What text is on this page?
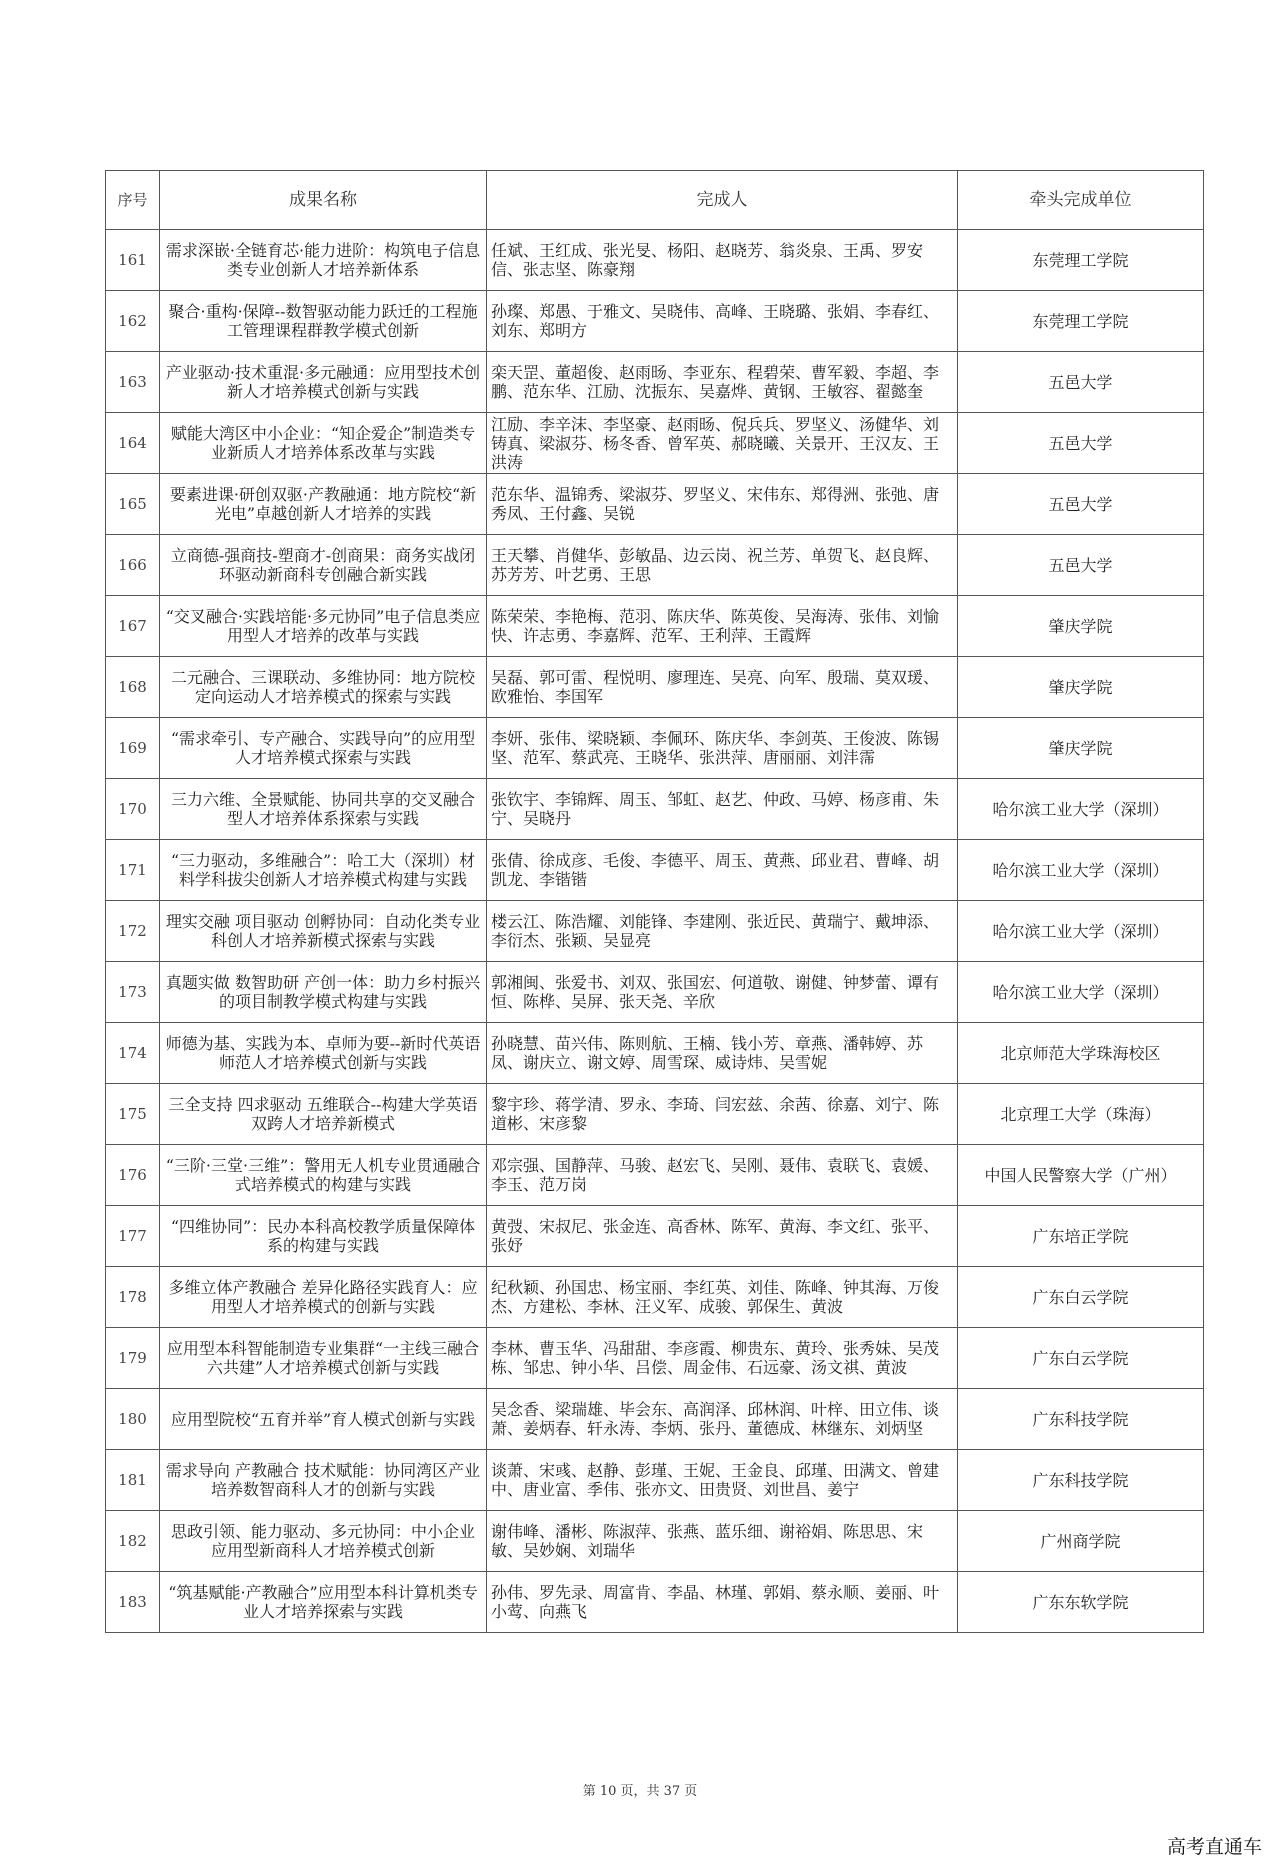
序号	成果名称	完成人	牵头完成单位
161	需求深嵌·全链育芯·能力进阶：构筑电子信息类专业创新人才培养新体系	任斌、王红成、张光旻、杨阳、赵晓芳、翁炎泉、王禹、罗安信、张志坚、陈豪翔	东莞理工学院
162	聚合·重构·保障--数智驱动能力跃迁的工程施工管理课程群教学模式创新	孙璨、郑愚、于雅文、吴晓伟、高峰、王晓璐、张娟、李春红、刘东、郑明方	东莞理工学院
163	产业驱动·技术重混·多元融通：应用型技术创新人才培养模式创新与实践	栾天罡、董超俊、赵雨旸、李亚东、程碧荣、曹军毅、李超、李鹏、范东华、江励、沈振东、吴嘉烨、黄钢、王敏容、翟懿奎	五邑大学
164	赋能大湾区中小企业：“知企爱企”制造类专业新质人才培养体系改革与实践	江励、李辛沫、李坚豪、赵雨旸、倪兵兵、罗坚义、汤健华、刘铸真、梁淑芬、杨冬香、曾军英、郝晓曦、关景开、王汉友、王洪涛	五邑大学
165	要素进课·研创双驱·产教融通：地方院校“新光电”卓越创新人才培养的实践	范东华、温锦秀、梁淑芬、罗坚义、宋伟东、郑得洲、张弛、唐秀凤、王付鑫、吴锐	五邑大学
166	立商德-强商技-塑商才-创商果：商务实战闭环驱动新商科专创融合新实践	王天攀、肖健华、彭敏晶、边云岗、祝兰芳、单贺飞、赵良辉、苏芳芳、叶艺勇、王思	五邑大学
167	“交叉融合·实践培能·多元协同”电子信息类应用型人才培养的改革与实践	陈荣荣、李艳梅、范羽、陈庆华、陈英俊、吴海涛、张伟、刘愉快、许志勇、李嘉辉、范军、王利萍、王霞辉	肇庆学院
168	二元融合、三课联动、多维协同：地方院校定向运动人才培养模式的探索与实践	吴磊、郭可雷、程悦明、廖理连、吴亮、向军、殷瑞、莫双瑗、欧雅怡、李国军	肇庆学院
169	“需求牵引、专产融合、实践导向”的应用型人才培养模式探索与实践	李妍、张伟、梁晓颖、李佩环、陈庆华、李剑英、王俊波、陈锡坚、范军、蔡武亮、王晓华、张洪萍、唐丽丽、刘沣霈	肇庆学院
170	三力六维、全景赋能、协同共享的交叉融合型人才培养体系探索与实践	张钦宇、李锦辉、周玉、邹虹、赵艺、仲政、马婷、杨彦甫、朱宁、吴晓丹	哈尔滨工业大学（深圳）
171	“三力驱动，多维融合”：哈工大（深圳）材料学科拔尖创新人才培养模式构建与实践	张倩、徐成彦、毛俊、李德平、周玉、黄燕、邱业君、曹峰、胡凯龙、李锴锴	哈尔滨工业大学（深圳）
172	理实交融 项目驱动 创孵协同：自动化类专业科创人才培养新模式探索与实践	楼云江、陈浩耀、刘能锋、李建刚、张近民、黄瑞宁、戴坤添、李衍杰、张颖、吴显亮	哈尔滨工业大学（深圳）
173	真题实做 数智助研 产创一体：助力乡村振兴的项目制教学模式构建与实践	郭湘闽、张爱书、刘双、张国宏、何道敬、谢健、钟梦蕾、谭有恒、陈桦、吴屏、张天尧、辛欣	哈尔滨工业大学（深圳）
174	师德为基、实践为本、卓师为要--新时代英语师范人才培养模式创新与实践	孙晓慧、苗兴伟、陈则航、王楠、钱小芳、章燕、潘韩婷、苏凤、谢庆立、谢文婷、周雪琛、威诗炜、吴雪妮	北京师范大学珠海校区
175	三全支持 四求驱动 五维联合--构建大学英语双跨人才培养新模式	黎宇珍、蒋学清、罗永、李琦、闫宏兹、余茜、徐嘉、刘宁、陈道彬、宋彦黎	北京理工大学（珠海）
176	“三阶·三堂·三维”：警用无人机专业贯通融合式培养模式的构建与实践	邓宗强、国静萍、马骏、赵宏飞、吴刚、聂伟、袁联飞、袁媛、李玉、范万岗	中国人民警察大学（广州）
177	“四维协同”：民办本科高校教学质量保障体系的构建与实践	黄弢、宋叔尼、张金连、高香林、陈军、黄海、李文红、张平、张妤	广东培正学院
178	多维立体产教融合 差异化路径实践育人：应用型人才培养模式的创新与实践	纪秋颖、孙国忠、杨宝丽、李红英、刘佳、陈峰、钟其海、万俊杰、方建松、李林、汪义军、成骏、郭保生、黄波	广东白云学院
179	应用型本科智能制造专业集群“一主线三融合六共建”人才培养模式创新与实践	李林、曹玉华、冯甜甜、李彦霞、柳贵东、黄玲、张秀妹、吴茂栋、邹忠、钟小华、吕偿、周金伟、石远豪、汤文祺、黄波	广东白云学院
180	应用型院校“五育并举”育人模式创新与实践	吴念香、梁瑞雄、毕会东、高润泽、邱林润、叶梓、田立伟、谈萧、姜炳春、轩永涛、李炳、张丹、董德成、林继东、刘炳坚	广东科技学院
181	需求导向 产教融合 技术赋能：协同湾区产业培养数智商科人才的创新与实践	谈萧、宋彧、赵静、彭瑾、王妮、王金良、邱瑾、田满文、曾建中、唐业富、季伟、张亦文、田贵贤、刘世昌、姜宁	广东科技学院
182	思政引领、能力驱动、多元协同：中小企业应用型新商科人才培养模式创新	谢伟峰、潘彬、陈淑萍、张燕、蓝乐细、谢裕娟、陈思思、宋敏、吴妙娴、刘瑞华	广州商学院
183	“筑基赋能·产教融合”应用型本科计算机类专业人才培养探索与实践	孙伟、罗先录、周富肯、李晶、林瑾、郭娟、蔡永顺、姜丽、叶小莺、向燕飞	广东东软学院
第 10 页，共 37 页
高考直通车
